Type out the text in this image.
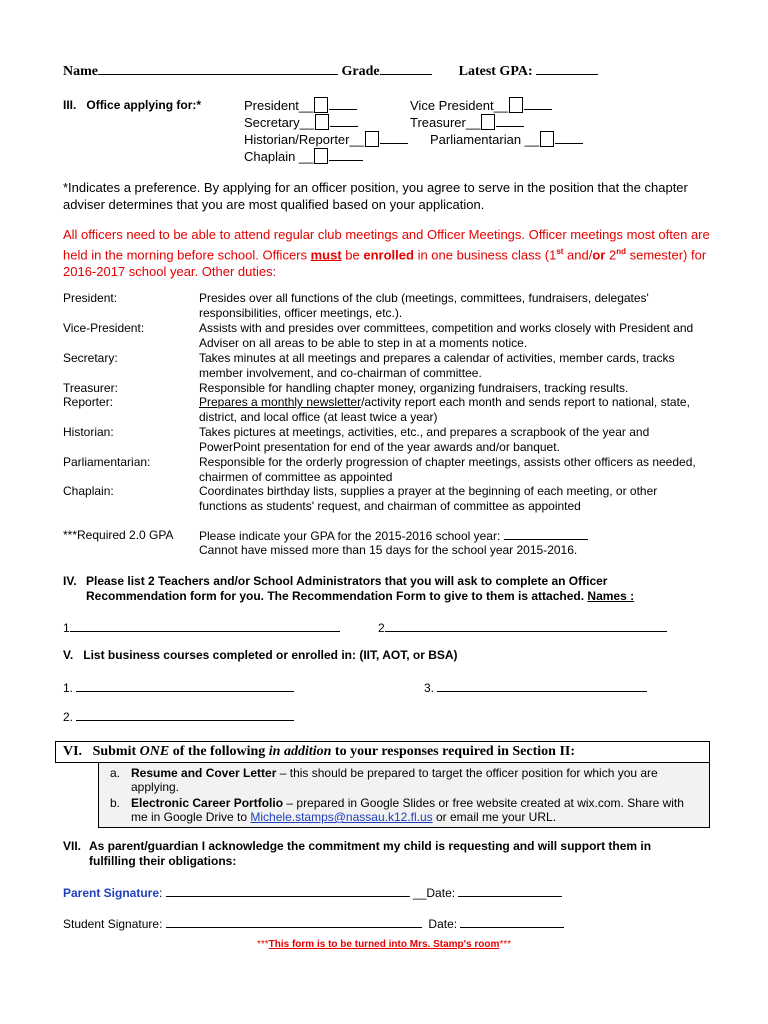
Name	Grade	Latest GPA:
III. Office applying for:*	President__	Vice President__
Secretary__	Treasurer__
Historian/Reporter__	Parliamentarian __
Chaplain __
*Indicates a preference. By applying for an officer position, you agree to serve in the position that the chapter adviser determines that you are most qualified based on your application.
All officers need to be able to attend regular club meetings and Officer Meetings. Officer meetings most often are held in the morning before school. Officers must be enrolled in one business class (1st and/or 2nd semester) for 2016-2017 school year. Other duties:
President:	Presides over all functions of the club (meetings, committees, fundraisers, delegates' responsibilities, officer meetings, etc.).
Vice-President:	Assists with and presides over committees, competition and works closely with President and Adviser on all areas to be able to step in at a moments notice.
Secretary:	Takes minutes at all meetings and prepares a calendar of activities, member cards, tracks member involvement, and co-chairman of committee.
Treasurer:	Responsible for handling chapter money, organizing fundraisers, tracking results.
Reporter:	Prepares a monthly newsletter/activity report each month and sends report to national, state, district, and local office (at least twice a year)
Historian:	Takes pictures at meetings, activities, etc., and prepares a scrapbook of the year and PowerPoint presentation for end of the year awards and/or banquet.
Parliamentarian:	Responsible for the orderly progression of chapter meetings, assists other officers as needed, chairmen of committee as appointed
Chaplain:	Coordinates birthday lists, supplies a prayer at the beginning of each meeting, or other functions as students' request, and chairman of committee as appointed
***Required 2.0 GPA Please indicate your GPA for the 2015-2016 school year:
Cannot have missed more than 15 days for the school year 2015-2016.
IV. Please list 2 Teachers and/or School Administrators that you will ask to complete an Officer Recommendation form for you. The Recommendation Form to give to them is attached. Names :
1	2
V. List business courses completed or enrolled in: (IIT, AOT, or BSA)
1.	3.
2.
VI. Submit ONE of the following in addition to your responses required in Section II:
a. Resume and Cover Letter – this should be prepared to target the officer position for which you are applying.
b. Electronic Career Portfolio – prepared in Google Slides or free website created at wix.com. Share with me in Google Drive to Michele.stamps@nassau.k12.fl.us or email me your URL.
VII. As parent/guardian I acknowledge the commitment my child is requesting and will support them in fulfilling their obligations:
Parent Signature:	__Date:
Student Signature:	Date:
***This form is to be turned into Mrs. Stamp's room***
